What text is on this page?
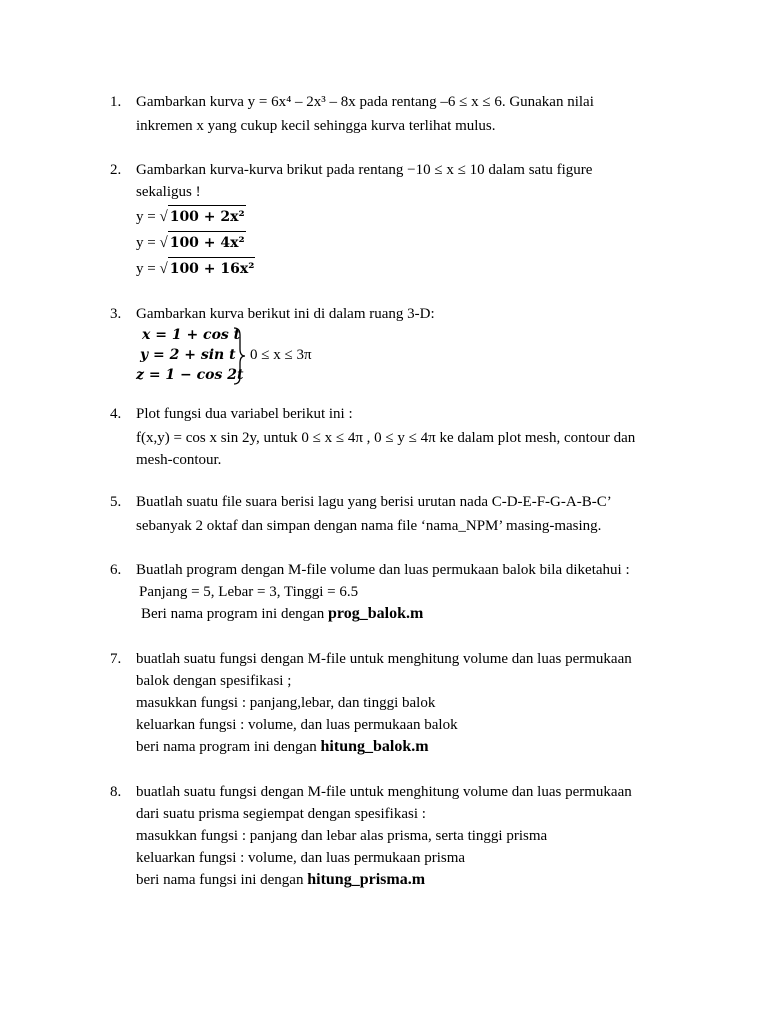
1. Gambarkan kurva y = 6x⁴ – 2x³ – 8x pada rentang –6 ≤ x ≤ 6. Gunakan nilai
inkremen x yang cukup kecil sehingga kurva terlihat mulus.
2. Gambarkan kurva-kurva brikut pada rentang −10 ≤ x ≤ 10 dalam satu figure
sekaligus !
y = √ 100 + 2x²
y = √ 100 + 4x²
y = √ 100 + 16x²
3. Gambarkan kurva berikut ini di dalam ruang 3-D:
x = 1 + cos t
y = 2 + sin t
z = 1 − cos 2t
0 ≤ x ≤ 3π
4. Plot fungsi dua variabel berikut ini :
f(x,y) = cos x sin 2y, untuk 0 ≤ x ≤ 4π , 0 ≤ y ≤ 4π ke dalam plot mesh, contour dan
mesh-contour.
5. Buatlah suatu file suara berisi lagu yang berisi urutan nada C-D-E-F-G-A-B-C’
sebanyak 2 oktaf dan simpan dengan nama file ‘nama_NPM’ masing-masing.
6. Buatlah program dengan M-file volume dan luas permukaan balok bila diketahui :
Panjang = 5, Lebar = 3, Tinggi = 6.5
Beri nama program ini dengan prog_balok.m
7. buatlah suatu fungsi dengan M-file untuk menghitung volume dan luas permukaan
balok dengan spesifikasi ;
masukkan fungsi : panjang,lebar, dan tinggi balok
keluarkan fungsi : volume, dan luas permukaan balok
beri nama program ini dengan hitung_balok.m
8. buatlah suatu fungsi dengan M-file untuk menghitung volume dan luas permukaan
dari suatu prisma segiempat dengan spesifikasi :
masukkan fungsi : panjang dan lebar alas prisma, serta tinggi prisma
keluarkan fungsi : volume, dan luas permukaan prisma
beri nama fungsi ini dengan hitung_prisma.m
